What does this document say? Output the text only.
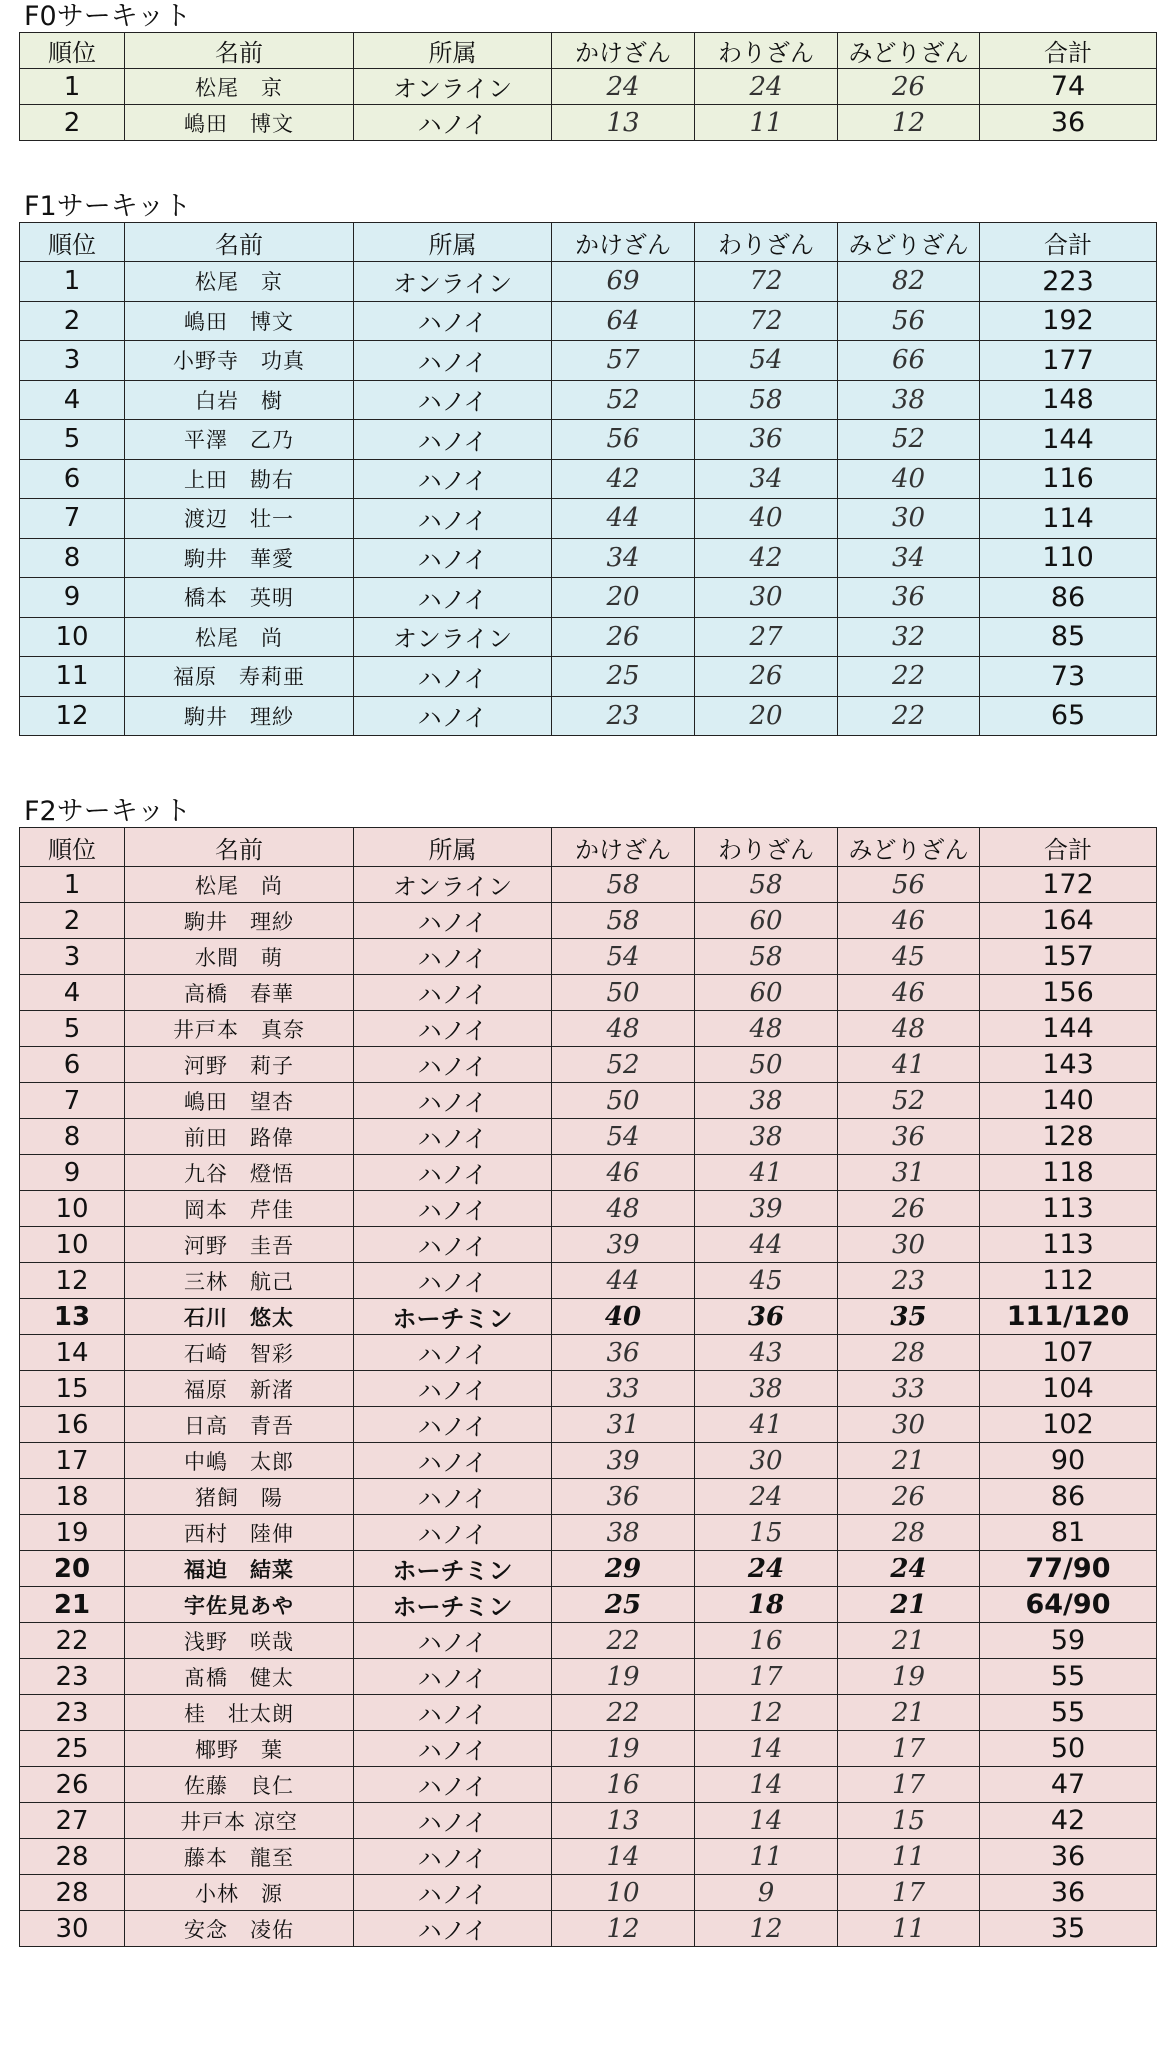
F0サーキット
順位	名前	所属	かけざん	わりざん	みどりざん	合計
1	松尾　京	オンライン	24	24	26	74
2	嶋田　博文	ハノイ	13	11	12	36
F1サーキット
順位	名前	所属	かけざん	わりざん	みどりざん	合計
1	松尾　京	オンライン	69	72	82	223
2	嶋田　博文	ハノイ	64	72	56	192
3	小野寺　功真	ハノイ	57	54	66	177
4	白岩　樹	ハノイ	52	58	38	148
5	平澤　乙乃	ハノイ	56	36	52	144
6	上田　勘右	ハノイ	42	34	40	116
7	渡辺　壮一	ハノイ	44	40	30	114
8	駒井　華愛	ハノイ	34	42	34	110
9	橋本　英明	ハノイ	20	30	36	86
10	松尾　尚	オンライン	26	27	32	85
11	福原　寿莉亜	ハノイ	25	26	22	73
12	駒井　理紗	ハノイ	23	20	22	65
F2サーキット
順位	名前	所属	かけざん	わりざん	みどりざん	合計
1	松尾　尚	オンライン	58	58	56	172
2	駒井　理紗	ハノイ	58	60	46	164
3	水間　萌	ハノイ	54	58	45	157
4	高橋　春華	ハノイ	50	60	46	156
5	井戸本　真奈	ハノイ	48	48	48	144
6	河野　莉子	ハノイ	52	50	41	143
7	嶋田　望杏	ハノイ	50	38	52	140
8	前田　路偉	ハノイ	54	38	36	128
9	九谷　燈悟	ハノイ	46	41	31	118
10	岡本　芹佳	ハノイ	48	39	26	113
10	河野　圭吾	ハノイ	39	44	30	113
12	三林　航己	ハノイ	44	45	23	112
13	石川　悠太	ホーチミン	40	36	35	111/120
14	石崎　智彩	ハノイ	36	43	28	107
15	福原　新渚	ハノイ	33	38	33	104
16	日高　青吾	ハノイ	31	41	30	102
17	中嶋　太郎	ハノイ	39	30	21	90
18	猪飼　陽	ハノイ	36	24	26	86
19	西村　陸伸	ハノイ	38	15	28	81
20	福迫　結菜	ホーチミン	29	24	24	77/90
21	宇佐見あや	ホーチミン	25	18	21	64/90
22	浅野　咲哉	ハノイ	22	16	21	59
23	髙橋　健太	ハノイ	19	17	19	55
23	桂　壮太朗	ハノイ	22	12	21	55
25	椰野　葉	ハノイ	19	14	17	50
26	佐藤　良仁	ハノイ	16	14	17	47
27	井戸本 凉空	ハノイ	13	14	15	42
28	藤本　龍至	ハノイ	14	11	11	36
28	小林　源	ハノイ	10	9	17	36
30	安念　凌佑	ハノイ	12	12	11	35
